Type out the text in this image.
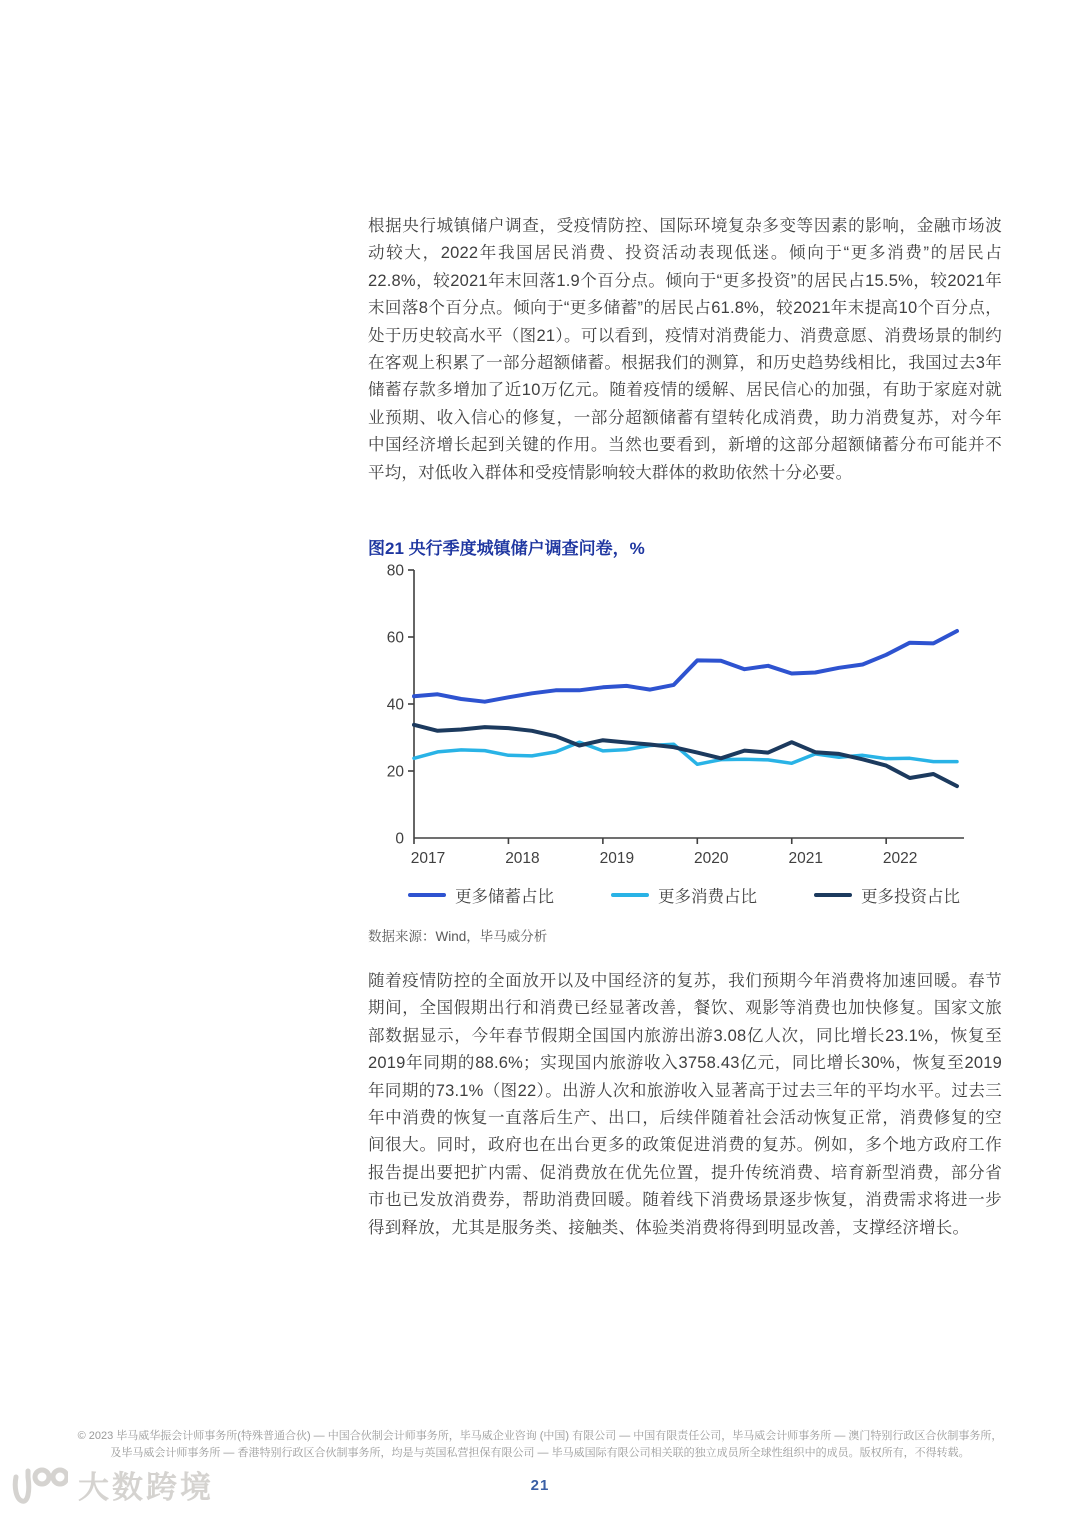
根据央行城镇储户调查，受疫情防控、国际环境复杂多变等因素的影响，金融市场波动较大，2022年我国居民消费、投资活动表现低迷。倾向于“更多消费”的居民占22.8%，较2021年末回落1.9个百分点。倾向于“更多投资”的居民占15.5%，较2021年末回落8个百分点。倾向于“更多储蓄”的居民占61.8%，较2021年末提高10个百分点，处于历史较高水平（图21）。可以看到，疫情对消费能力、消费意愿、消费场景的制约在客观上积累了一部分超额储蓄。根据我们的测算，和历史趋势线相比，我国过去3年储蓄存款多增加了近10万亿元。随着疫情的缓解、居民信心的加强，有助于家庭对就业预期、收入信心的修复，一部分超额储蓄有望转化成消费，助力消费复苏，对今年中国经济增长起到关键的作用。当然也要看到，新增的这部分超额储蓄分布可能并不平均，对低收入群体和受疫情影响较大群体的救助依然十分必要。
图21 央行季度城镇储户调查问卷，%
80
60
40
20
0
2017	2018	2019	2020	2021	2022
更多储蓄占比	更多消费占比	更多投资占比
数据来源：Wind，毕马威分析
随着疫情防控的全面放开以及中国经济的复苏，我们预期今年消费将加速回暖。春节期间，全国假期出行和消费已经显著改善，餐饮、观影等消费也加快修复。国家文旅部数据显示，今年春节假期全国国内旅游出游3.08亿人次，同比增长23.1%，恢复至2019年同期的88.6%；实现国内旅游收入3758.43亿元，同比增长30%，恢复至2019年同期的73.1%（图22）。出游人次和旅游收入显著高于过去三年的平均水平。过去三年中消费的恢复一直落后生产、出口，后续伴随着社会活动恢复正常，消费修复的空间很大。同时，政府也在出台更多的政策促进消费的复苏。例如，多个地方政府工作报告提出要把扩内需、促消费放在优先位置，提升传统消费、培育新型消费，部分省市也已发放消费券，帮助消费回暖。随着线下消费场景逐步恢复，消费需求将进一步得到释放，尤其是服务类、接触类、体验类消费将得到明显改善，支撑经济增长。
© 2023 毕马威华振会计师事务所(特殊普通合伙) — 中国合伙制会计师事务所，毕马威企业咨询 (中国) 有限公司 — 中国有限责任公司，毕马威会计师事务所 — 澳门特别行政区合伙制事务所，
及毕马威会计师事务所 — 香港特别行政区合伙制事务所，均是与英国私营担保有限公司 — 毕马威国际有限公司相关联的独立成员所全球性组织中的成员。版权所有，不得转载。
21
大数跨境
